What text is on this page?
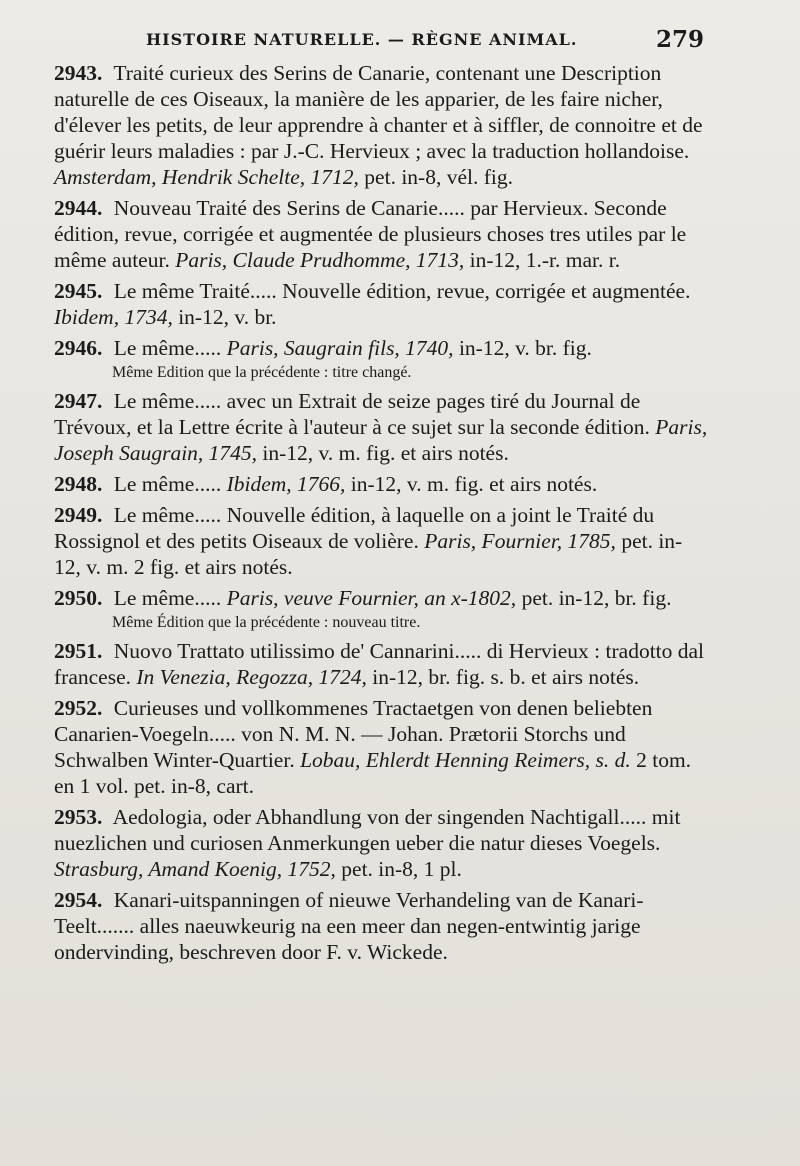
HISTOIRE NATURELLE. — RÈGNE ANIMAL.	279

2943. Traité curieux des Serins de Canarie, contenant une Description naturelle de ces Oiseaux, la manière de les apparier, de les faire nicher, d'élever les petits, de leur apprendre à chanter et à siffler, de connoitre et de guérir leurs maladies : par J.-C. Hervieux ; avec la traduction hollandoise. Amsterdam, Hendrik Schelte, 1712, pet. in-8, vél. fig.

2944. Nouveau Traité des Serins de Canarie..... par Hervieux. Seconde édition, revue, corrigée et augmentée de plusieurs choses tres utiles par le même auteur. Paris, Claude Prudhomme, 1713, in-12, 1.-r. mar. r.

2945. Le même Traité..... Nouvelle édition, revue, corrigée et augmentée. Ibidem, 1734, in-12, v. br.

2946. Le même..... Paris, Saugrain fils, 1740, in-12, v. br. fig.
Même Edition que la précédente : titre changé.

2947. Le même..... avec un Extrait de seize pages tiré du Journal de Trévoux, et la Lettre écrite à l'auteur à ce sujet sur la seconde édition. Paris, Joseph Saugrain, 1745, in-12, v. m. fig. et airs notés.

2948. Le même..... Ibidem, 1766, in-12, v. m. fig. et airs notés.

2949. Le même..... Nouvelle édition, à laquelle on a joint le Traité du Rossignol et des petits Oiseaux de volière. Paris, Fournier, 1785, pet. in-12, v. m. 2 fig. et airs notés.

2950. Le même..... Paris, veuve Fournier, an x-1802, pet. in-12, br. fig.
Même Édition que la précédente : nouveau titre.

2951. Nuovo Trattato utilissimo de' Cannarini..... di Hervieux : tradotto dal francese. In Venezia, Regozza, 1724, in-12, br. fig. s. b. et airs notés.

2952. Curieuses und vollkommenes Tractaetgen von denen beliebten Canarien-Voegeln..... von N. M. N. — Johan. Prætorii Storchs und Schwalben Winter-Quartier. Lobau, Ehlerdt Henning Reimers, s. d. 2 tom. en 1 vol. pet. in-8, cart.

2953. Aedologia, oder Abhandlung von der singenden Nachtigall..... mit nuezlichen und curiosen Anmerkungen ueber die natur dieses Voegels. Strasburg, Amand Koenig, 1752, pet. in-8, 1 pl.

2954. Kanari-uitspanningen of nieuwe Verhandeling van de Kanari-Teelt....... alles naeuwkeurig na een meer dan negen-entwintig jarige ondervinding, beschreven door F. v. Wickede.
